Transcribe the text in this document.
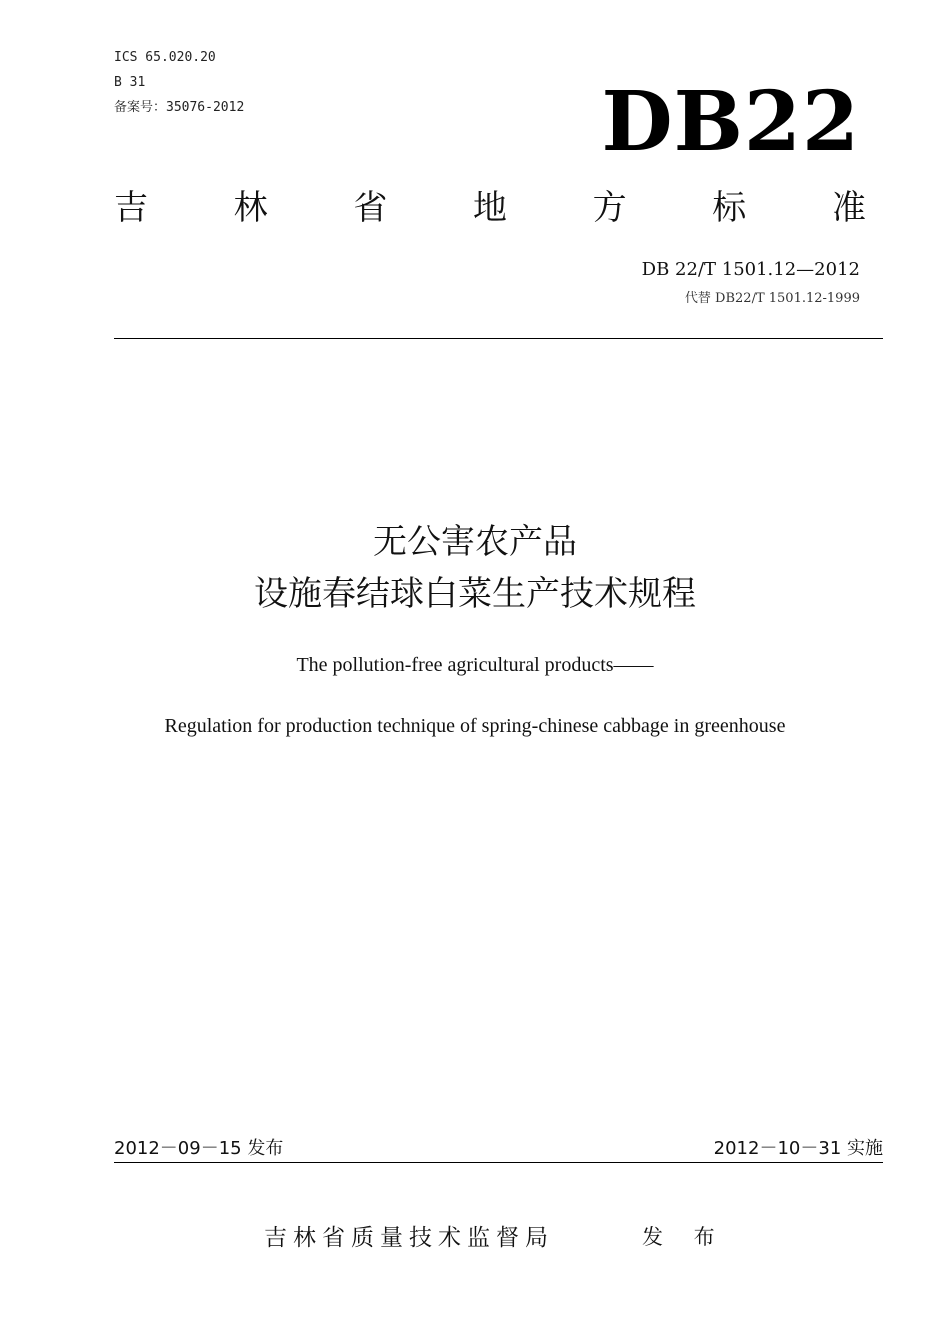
ICS 65.020.20
B 31
备案号：35076-2012	DB22
吉	林	省	地	方	标	准
DB 22/T 1501.12—2012
代替 DB22/T 1501.12-1999
无公害农产品
设施春结球白菜生产技术规程
The pollution-free agricultural products——
Regulation for production technique of spring-chinese cabbage in greenhouse
2012－09－15 发布	2012－10－31 实施
吉林省质量技术监督局	发 布
